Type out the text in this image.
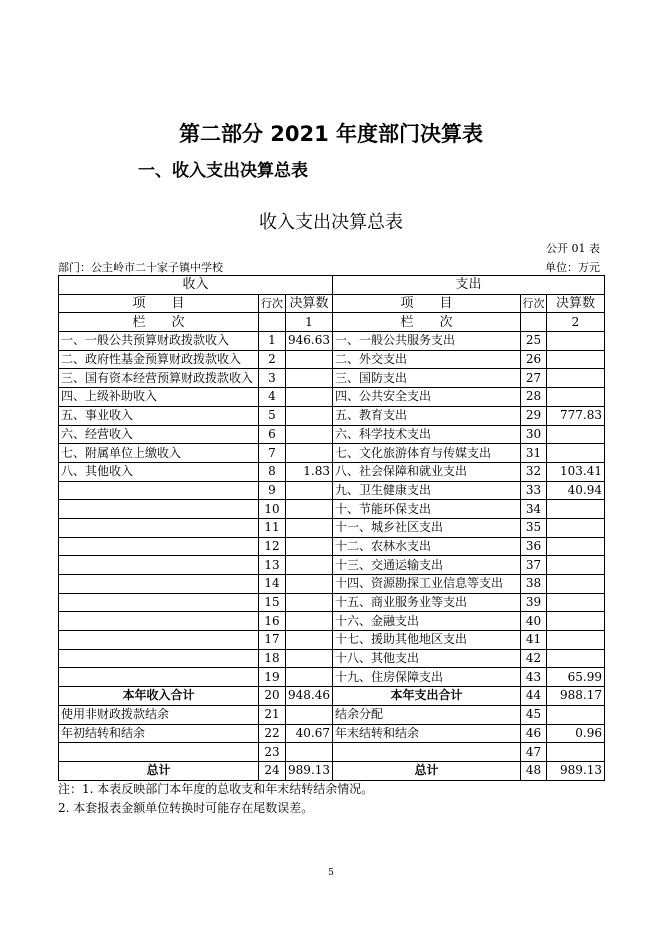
第二部分 2021 年度部门决算表
一、收入支出决算总表
收入支出决算总表
公开 01 表
部门：公主岭市二十家子镇中学校	单位：万元
收入			支出		
项　　目	行次	决算数	项　　目	行次	决算数
栏　　次		1	栏　　次		2
一、一般公共预算财政拨款收入	1	946.63	一、一般公共服务支出	25	
二、政府性基金预算财政拨款收入	2		二、外交支出	26	
三、国有资本经营预算财政拨款收入	3		三、国防支出	27	
四、上级补助收入	4		四、公共安全支出	28	
五、事业收入	5		五、教育支出	29	777.83
六、经营收入	6		六、科学技术支出	30	
七、附属单位上缴收入	7		七、文化旅游体育与传媒支出	31	
八、其他收入	8	1.83	八、社会保障和就业支出	32	103.41
	9		九、卫生健康支出	33	40.94
	10		十、节能环保支出	34	
	11		十一、城乡社区支出	35	
	12		十二、农林水支出	36	
	13		十三、交通运输支出	37	
	14		十四、资源勘探工业信息等支出	38	
	15		十五、商业服务业等支出	39	
	16		十六、金融支出	40	
	17		十七、援助其他地区支出	41	
	18		十八、其他支出	42	
	19		十九、住房保障支出	43	65.99
本年收入合计	20	948.46	本年支出合计	44	988.17
使用非财政拨款结余	21		结余分配	45	
年初结转和结余	22	40.67	年末结转和结余	46	0.96
	23			47	
总计	24	989.13	总计	48	989.13
注：1. 本表反映部门本年度的总收支和年末结转结余情况。
2. 本套报表金额单位转换时可能存在尾数误差。
5
